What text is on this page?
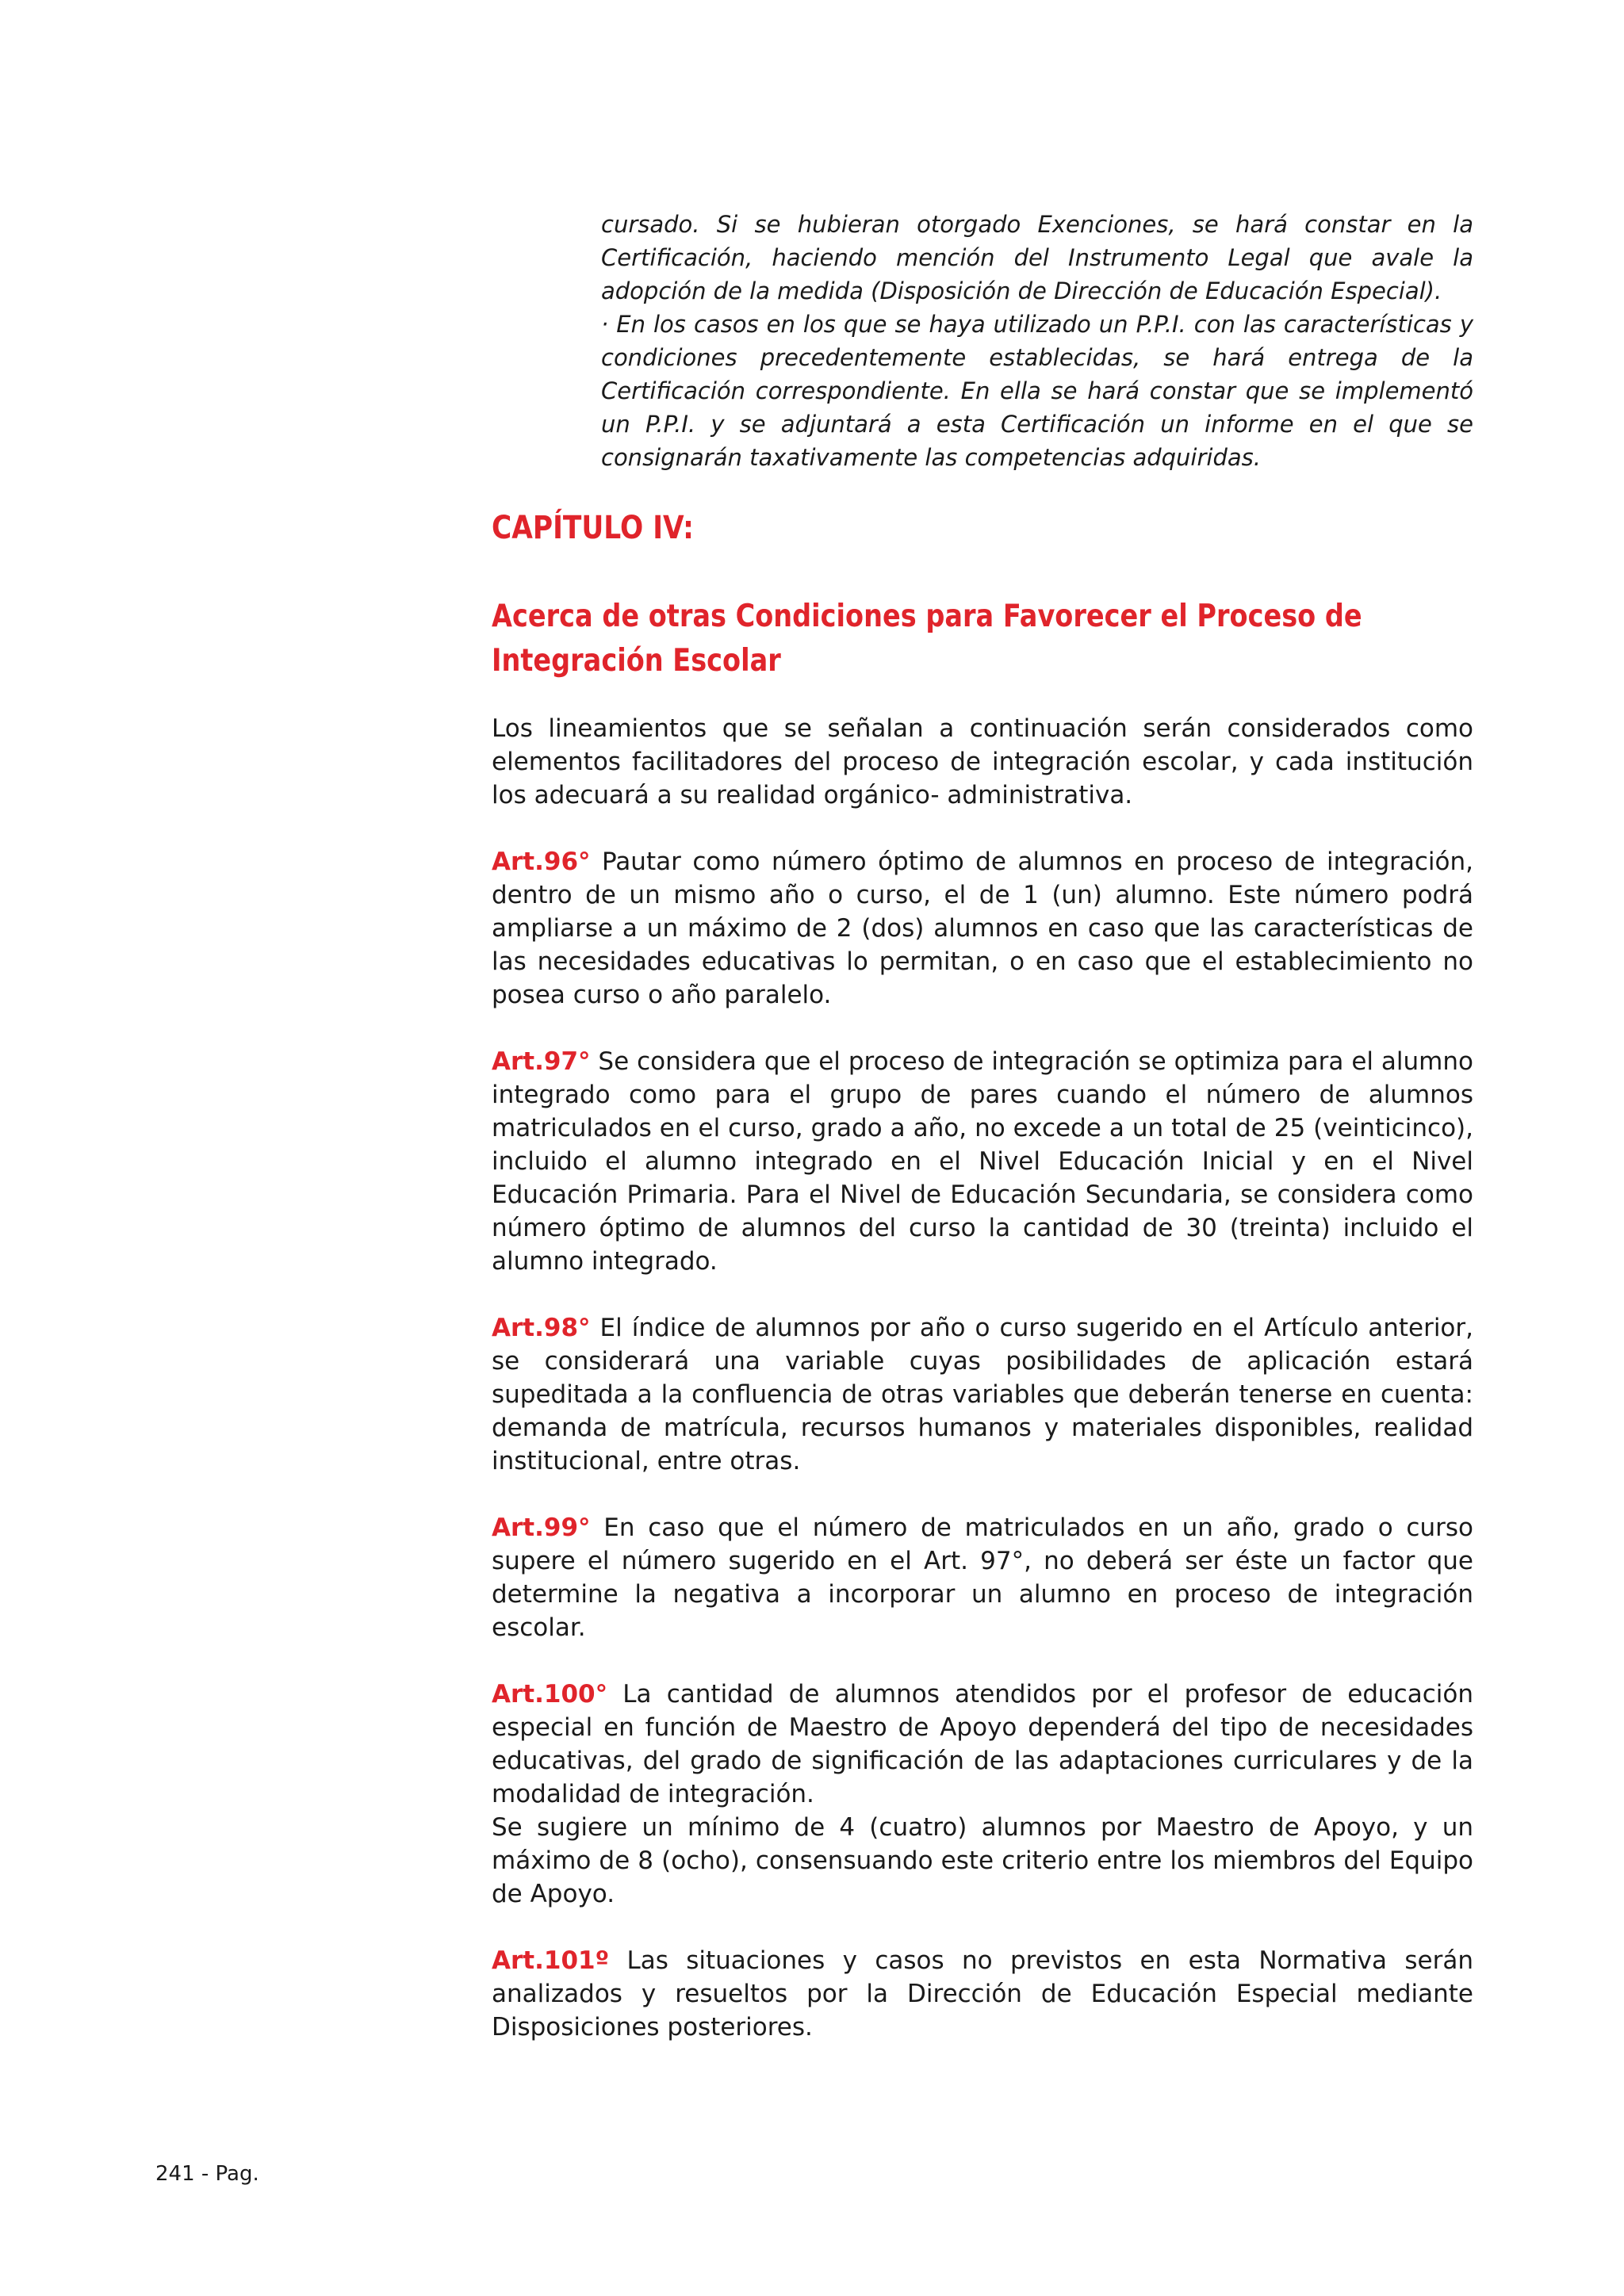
cursado. Si se hubieran otorgado Exenciones, se hará constar en la Certificación, haciendo mención del Instrumento Legal que avale la adopción de la medida (Disposición de Dirección de Educación Especial).

· En los casos en los que se haya utilizado un P.P.I. con las características y condiciones precedentemente establecidas, se hará entrega de la Certificación correspondiente. En ella se hará constar que se implementó un P.P.I. y se adjuntará a esta Certificación un informe en el que se consignarán taxativamente las competencias adquiridas.

CAPÍTULO IV:
Acerca de otras Condiciones para Favorecer el Proceso de Integración Escolar

Los lineamientos que se señalan a continuación serán considerados como elementos facilitadores del proceso de integración escolar, y cada institución los adecuará a su realidad orgánico- administrativa.

Art.96° Pautar como número óptimo de alumnos en proceso de integración, dentro de un mismo año o curso, el de 1 (un) alumno. Este número podrá ampliarse a un máximo de 2 (dos) alumnos en caso que las características de las necesidades educativas lo permitan, o en caso que el establecimiento no posea curso o año paralelo.

Art.97° Se considera que el proceso de integración se optimiza para el alumno integrado como para el grupo de pares cuando el número de alumnos matriculados en el curso, grado a año, no excede a un total de 25 (veinticinco), incluido el alumno integrado en el Nivel Educación Inicial y en el Nivel Educación Primaria. Para el Nivel de Educación Secundaria, se considera como número óptimo de alumnos del curso la cantidad de 30 (treinta) incluido el alumno integrado.

Art.98° El índice de alumnos por año o curso sugerido en el Artículo anterior, se considerará una variable cuyas posibilidades de aplicación estará supeditada a la confluencia de otras variables que deberán tenerse en cuenta: demanda de matrícula, recursos humanos y materiales disponibles, realidad institucional, entre otras.

Art.99° En caso que el número de matriculados en un año, grado o curso supere el número sugerido en el Art. 97°, no deberá ser éste un factor que determine la negativa a incorporar un alumno en proceso de integración escolar.

Art.100° La cantidad de alumnos atendidos por el profesor de educación especial en función de Maestro de Apoyo dependerá del tipo de necesidades educativas, del grado de significación de las adaptaciones curriculares y de la modalidad de integración.
Se sugiere un mínimo de 4 (cuatro) alumnos por Maestro de Apoyo, y un máximo de 8 (ocho), consensuando este criterio entre los miembros del Equipo de Apoyo.

Art.101º Las situaciones y casos no previstos en esta Normativa serán analizados y resueltos por la Dirección de Educación Especial mediante Disposiciones posteriores.

241 - Pag.
